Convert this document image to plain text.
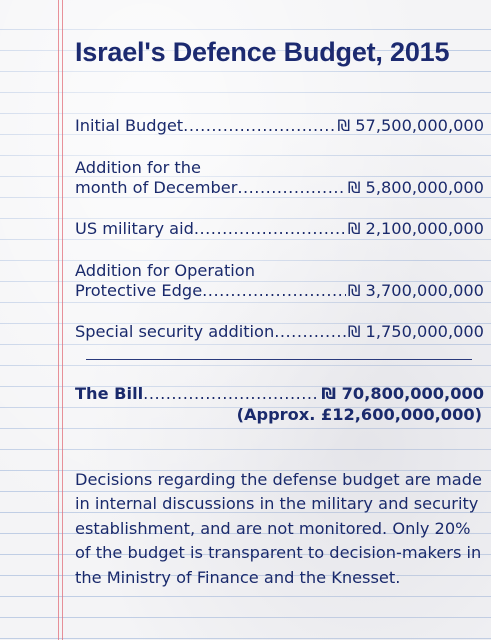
Israel's Defence Budget, 2015
Initial Budget .....	₪ 57,500,000,000
Addition for the
month of December .....	₪ 5,800,000,000
US military aid .....	₪ 2,100,000,000
Addition for Operation
Protective Edge .....	₪ 3,700,000,000
Special security addition .....	₪ 1,750,000,000
The Bill .....	₪ 70,800,000,000
(Approx. £12,600,000,000)
Decisions regarding the defense budget are made in internal discussions in the military and security establishment, and are not monitored. Only 20% of the budget is transparent to decision-makers in the Ministry of Finance and the Knesset.
